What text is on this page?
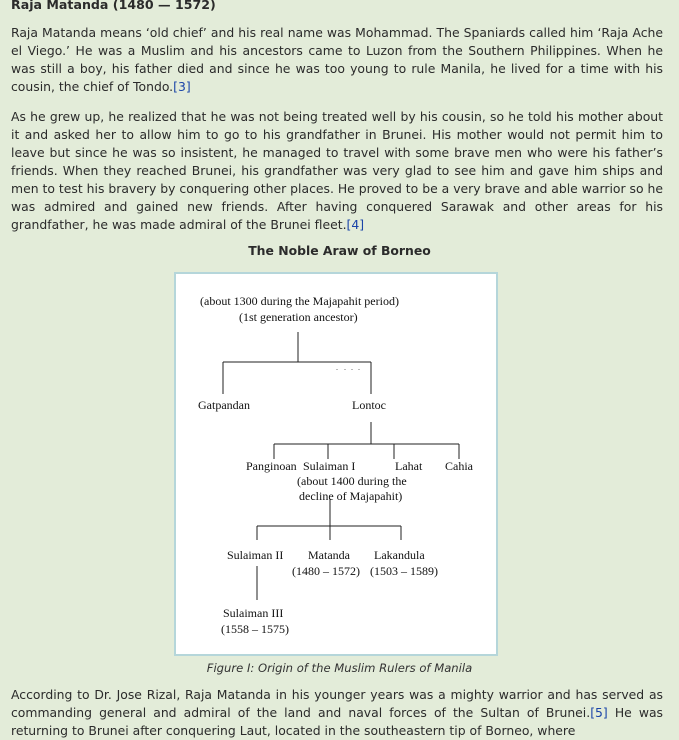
Raja Matanda (1480 — 1572)

Raja Matanda means ‘old chief’ and his real name was Mohammad. The Spaniards called him ‘Raja Ache el Viego.’ He was a Muslim and his ancestors came to Luzon from the Southern Philippines. When he was still a boy, his father died and since he was too young to rule Manila, he lived for a time with his cousin, the chief of Tondo.[3]

As he grew up, he realized that he was not being treated well by his cousin, so he told his mother about it and asked her to allow him to go to his grandfather in Brunei. His mother would not permit him to leave but since he was so insistent, he managed to travel with some brave men who were his father’s friends. When they reached Brunei, his grandfather was very glad to see him and gave him ships and men to test his bravery by conquering other places. He proved to be a very brave and able warrior so he was admired and gained new friends. After having conquered Sarawak and other areas for his grandfather, he was made admiral of the Brunei fleet.[4]

The Noble Araw of Borneo

(about 1300 during the Majapahit period)
(1st generation ancestor)
Gatpandan	Lontoc
Panginoan Sulaiman I
(about 1400 during the
decline of Majapahit)
Lahat Cahia
Sulaiman II Matanda
(1480 – 1572)
Lakandula
(1503 – 1589)
Sulaiman III
(1558 – 1575)

Figure I: Origin of the Muslim Rulers of Manila

According to Dr. Jose Rizal, Raja Matanda in his younger years was a mighty warrior and has served as commanding general and admiral of the land and naval forces of the Sultan of Brunei.[5] He was returning to Brunei after conquering Laut, located in the southeastern tip of Borneo, where
